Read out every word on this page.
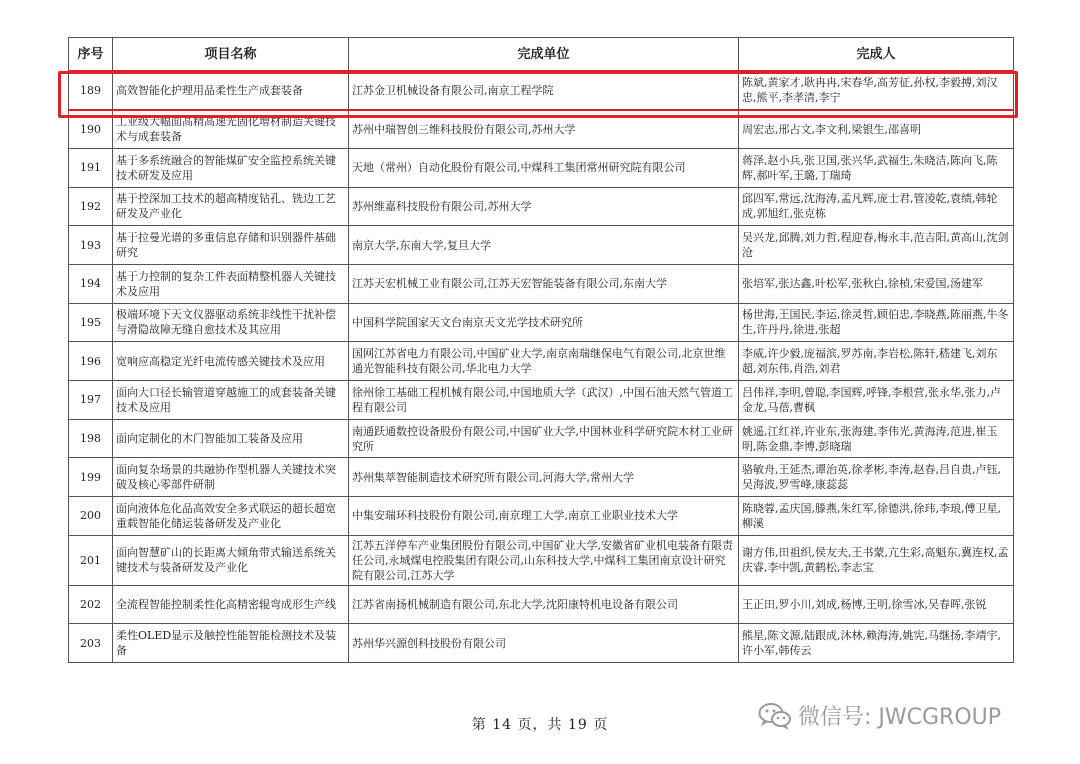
序号	项目名称	完成单位	完成人
189	高效智能化护理用品柔性生产成套装备	江苏金卫机械设备有限公司,南京工程学院	陈斌,黄家才,耿冉冉,宋春华,高芳征,孙权,李毅搏,刘汉忠,熊平,李孝清,李宁
190	工业级大幅面高精高速光固化增材制造关键技术与成套装备	苏州中瑞智创三维科技股份有限公司,苏州大学	周宏志,邢占文,李文利,梁银生,邵喜明
191	基于多系统融合的智能煤矿安全监控系统关键技术研发及应用	天地（常州）自动化股份有限公司,中煤科工集团常州研究院有限公司	蒋泽,赵小兵,张卫国,张兴华,武福生,朱晓洁,陈向飞,陈辉,郝叶军,王璐,丁瑞琦
192	基于控深加工技术的超高精度钻孔、铣边工艺研发及产业化	苏州维嘉科技股份有限公司,苏州大学	邱四军,常远,沈海涛,孟凡辉,庞士君,管凌乾,袁绩,韩轮成,郭旭红,张克栋
193	基于拉曼光谱的多重信息存储和识别器件基础研究	南京大学,东南大学,复旦大学	吴兴龙,邱腾,刘力哲,程迎春,梅永丰,范吉阳,黄高山,沈剑沧
194	基于力控制的复杂工件表面精整机器人关键技术及应用	江苏天宏机械工业有限公司,江苏天宏智能装备有限公司,东南大学	张培军,张达鑫,叶松军,张秋白,徐楨,宋爱国,汤建军
195	极端环境下天文仪器驱动系统非线性干扰补偿与滑隐故障无缝自愈技术及其应用	中国科学院国家天文台南京天文光学技术研究所	杨世海,王国民,李运,徐灵哲,顾伯忠,李晓燕,陈丽燕,牛冬生,许丹丹,徐进,张超
196	宽响应高稳定光纤电流传感关键技术及应用	国网江苏省电力有限公司,中国矿业大学,南京南瑞继保电气有限公司,北京世维通光智能科技有限公司,华北电力大学	李威,许少毅,庞福滨,罗苏南,李岩松,陈轩,嵇建飞,刘东超,刘东伟,肖浩,刘君
197	面向大口径长输管道穿越施工的成套装备关键技术及应用	徐州徐工基础工程机械有限公司,中国地质大学（武汉）,中国石油天然气管道工程有限公司	吕伟祥,李明,曾聪,李国辉,呼锋,李根营,张永华,张力,卢金龙,马蓓,曹枫
198	面向定制化的木门智能加工装备及应用	南通跃通数控设备股份有限公司,中国矿业大学,中国林业科学研究院木材工业研究所	姚遥,江红祥,许业东,张海建,李伟光,黄海涛,范进,崔玉明,陈金鼎,李博,彭晓瑞
199	面向复杂场景的共融协作型机器人关键技术突破及核心零部件研制	苏州集萃智能制造技术研究所有限公司,河海大学,常州大学	骆敏舟,王延杰,谭治英,徐孝彬,李涛,赵春,吕自贵,卢钰,吴海波,罗雪峰,康蕊蕊
200	面向液体危化品高效安全多式联运的超长超宽重载智能化储运装备研发及产业化	中集安瑞环科技股份有限公司,南京理工大学,南京工业职业技术大学	陈晓蓉,孟庆国,滕燕,朱红军,徐德洪,徐玮,李琅,傅卫星,柳溪
201	面向智慧矿山的长距离大倾角带式输送系统关键技术与装备研发及产业化	江苏五洋停车产业集团股份有限公司,中国矿业大学,安徽省矿业机电装备有限责任公司,永城煤电控股集团有限公司,山东科技大学,中煤科工集团南京设计研究院有限公司,江苏大学	谢方伟,田祖织,侯友夫,王书蒙,亢生彩,高魁东,冀连权,孟庆睿,李中凯,黄鹤松,李志宝
202	全流程智能控制柔性化高精密辊弯成形生产线	江苏省南扬机械制造有限公司,东北大学,沈阳康特机电设备有限公司	王正田,罗小川,刘成,杨博,王明,徐雪冰,吴春晖,张锐
203	柔性OLED显示及触控性能智能检测技术及装备	苏州华兴源创科技股份有限公司	熊星,陈文源,陆跟成,沐林,赖海涛,姚宪,马继扬,李靖宇,许小军,韩传云
第 14 页，共 19 页	微信号: JWCGROUP
